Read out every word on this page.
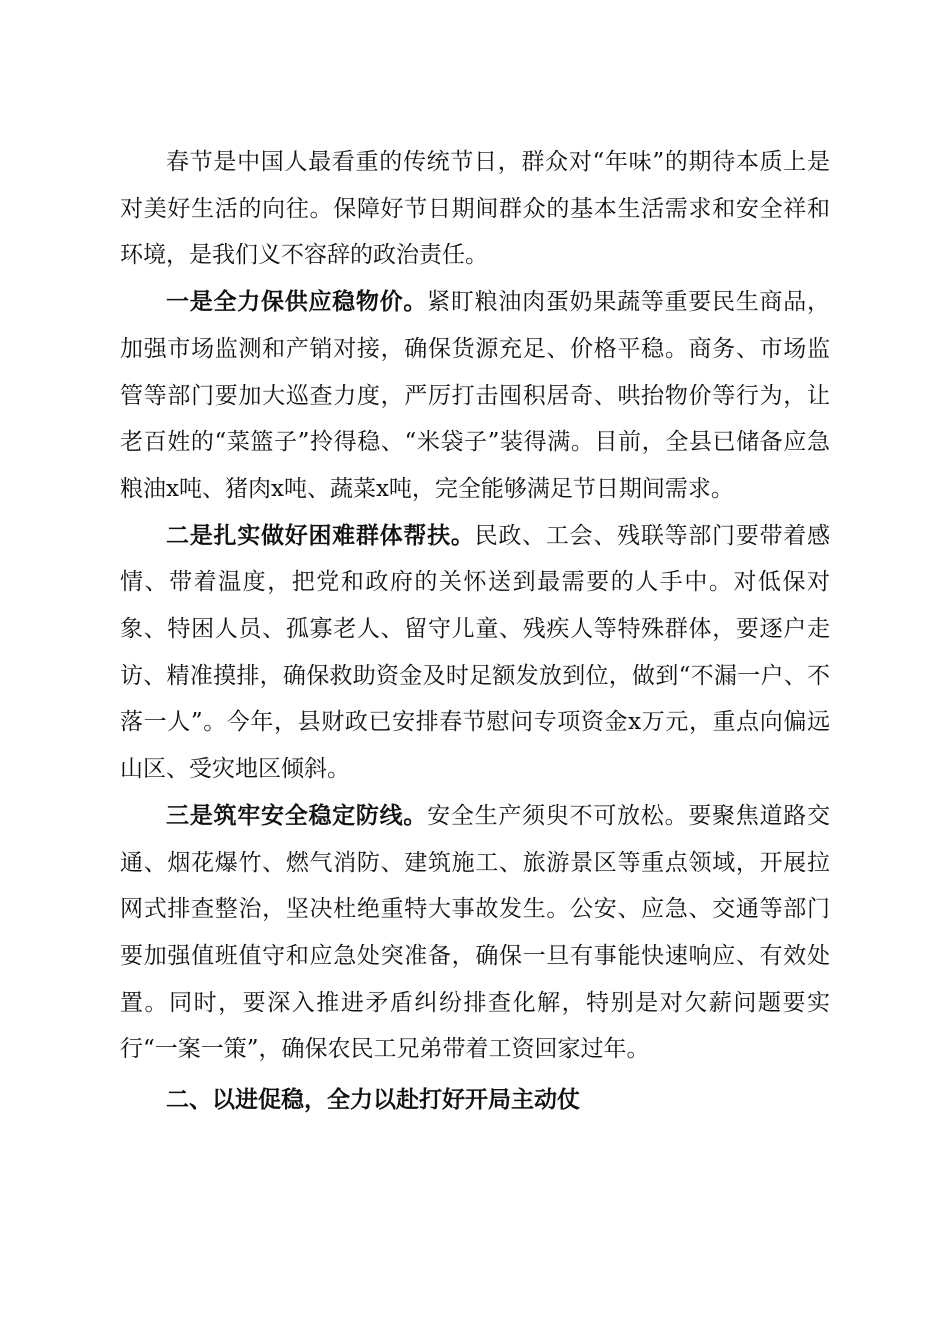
春节是中国人最看重的传统节日，群众对“年味”的期待本质上是对美好生活的向往。保障好节日期间群众的基本生活需求和安全祥和环境，是我们义不容辞的政治责任。

一是全力保供应稳物价。紧盯粮油肉蛋奶果蔬等重要民生商品，加强市场监测和产销对接，确保货源充足、价格平稳。商务、市场监管等部门要加大巡查力度，严厉打击囤积居奇、哄抬物价等行为，让老百姓的“菜篮子”拎得稳、“米袋子”装得满。目前，全县已储备应急粮油x吨、猪肉x吨、蔬菜x吨，完全能够满足节日期间需求。

二是扎实做好困难群体帮扶。民政、工会、残联等部门要带着感情、带着温度，把党和政府的关怀送到最需要的人手中。对低保对象、特困人员、孤寡老人、留守儿童、残疾人等特殊群体，要逐户走访、精准摸排，确保救助资金及时足额发放到位，做到“不漏一户、不落一人”。今年，县财政已安排春节慰问专项资金x万元，重点向偏远山区、受灾地区倾斜。

三是筑牢安全稳定防线。安全生产须臾不可放松。要聚焦道路交通、烟花爆竹、燃气消防、建筑施工、旅游景区等重点领域，开展拉网式排查整治，坚决杜绝重特大事故发生。公安、应急、交通等部门要加强值班值守和应急处突准备，确保一旦有事能快速响应、有效处置。同时，要深入推进矛盾纠纷排查化解，特别是对欠薪问题要实行“一案一策”，确保农民工兄弟带着工资回家过年。

二、以进促稳，全力以赴打好开局主动仗
